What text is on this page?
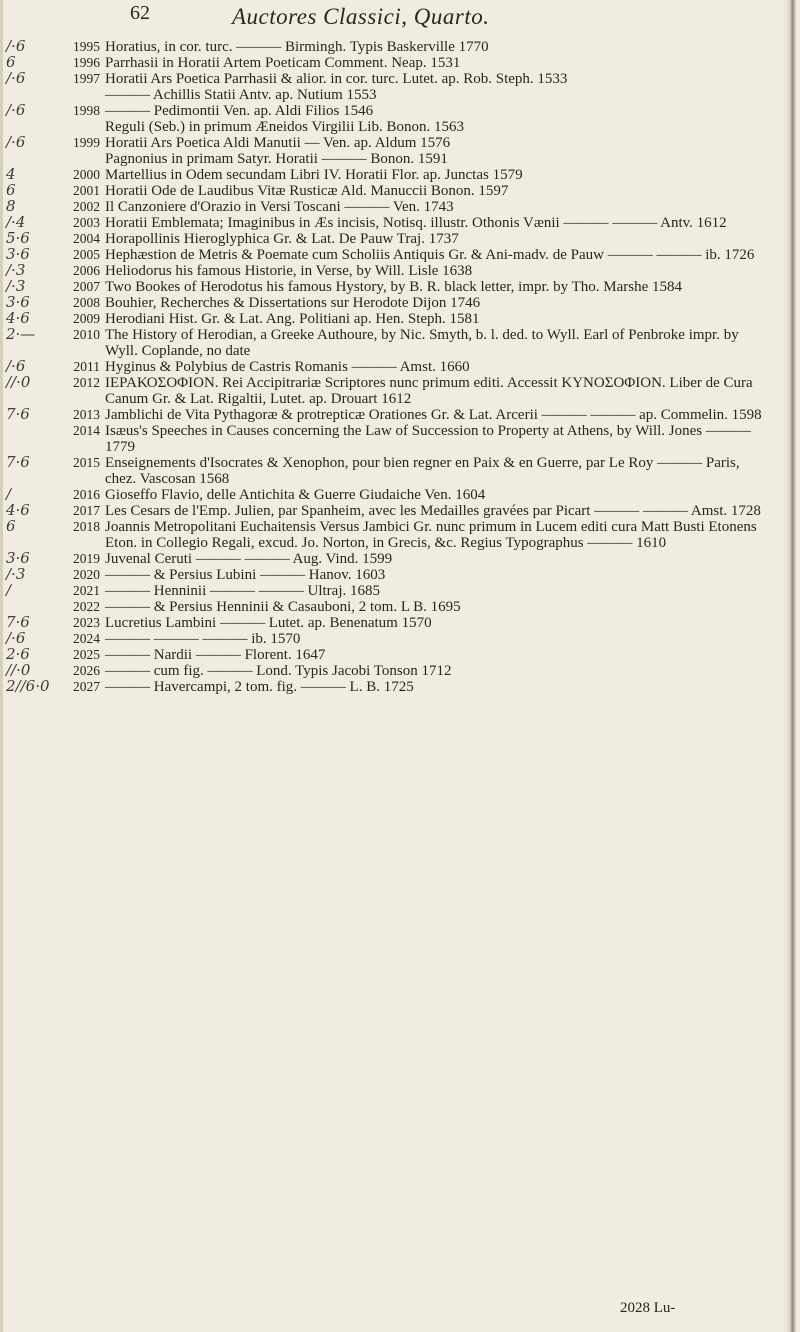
62	Auctores Classici, Quarto.
/·6	1995 Horatius, in cor. turc. ——— Birmingh. Typis Baskerville 1770
6	1996 Parrhasii in Horatii Artem Poeticam Comment. Neap. 1531
/·6	1997 Horatii Ars Poetica Parrhasii & alior. in cor. turc. Lutet. ap. Rob. Steph. 1533
——— Achillis Statii Antv. ap. Nutium 1553
/·6	1998 ——— Pedimontii Ven. ap. Aldi Filios 1546
Reguli (Seb.) in primum Æneidos Virgilii Lib. Bonon. 1563
/·6	1999 Horatii Ars Poetica Aldi Manutii — Ven. ap. Aldum 1576
Pagnonius in primam Satyr. Horatii ——— Bonon. 1591
4	2000 Martellius in Odem secundam Libri IV. Horatii Flor. ap. Junctas 1579
6	2001 Horatii Ode de Laudibus Vitæ Rusticæ Ald. Manuccii Bonon. 1597
8	2002 Il Canzoniere d'Orazio in Versi Toscani ——— Ven. 1743
/·4	2003 Horatii Emblemata; Imaginibus in Æs incisis, Notisq. illustr. Othonis Vænii ——— ——— Antv. 1612
5·6	2004 Horapollinis Hieroglyphica Gr. & Lat. De Pauw Traj. 1737
3·6	2005 Hephæstion de Metris & Poemate cum Scholiis Antiquis Gr. & Ani-madv. de Pauw ——— ——— ib. 1726
/·3	2006 Heliodorus his famous Historie, in Verse, by Will. Lisle 1638
/·3	2007 Two Bookes of Herodotus his famous Hystory, by B. R. black letter, impr. by Tho. Marshe 1584
3·6	2008 Bouhier, Recherches & Dissertations sur Herodote Dijon 1746
4·6	2009 Herodiani Hist. Gr. & Lat. Ang. Politiani ap. Hen. Steph. 1581
2·—	2010 The History of Herodian, a Greeke Authoure, by Nic. Smyth, b. l. ded. to Wyll. Earl of Penbroke impr. by Wyll. Coplande, no date
/·6	2011 Hyginus & Polybius de Castris Romanis ——— Amst. 1660
//·0	2012 ΙΕΡΑΚΟΣΟΦΙΟΝ. Rei Accipitrariæ Scriptores nunc primum editi. Accessit ΚΥΝΟΣΟΦΙΟΝ. Liber de Cura Canum Gr. & Lat. Rigaltii, Lutet. ap. Drouart 1612
7·6	2013 Jamblichi de Vita Pythagoræ & protrepticæ Orationes Gr. & Lat. Arcerii ——— ——— ap. Commelin. 1598
2014 Isæus's Speeches in Causes concerning the Law of Succession to Property at Athens, by Will. Jones ——— 1779
7·6	2015 Enseignements d'Isocrates & Xenophon, pour bien regner en Paix & en Guerre, par Le Roy ——— Paris, chez. Vascosan 1568
/	2016 Gioseffo Flavio, delle Antichita & Guerre Giudaiche Ven. 1604
4·6	2017 Les Cesars de l'Emp. Julien, par Spanheim, avec les Medailles gravées par Picart ——— ——— Amst. 1728
6	2018 Joannis Metropolitani Euchaitensis Versus Jambici Gr. nunc primum in Lucem editi cura Matt Busti Etonens Eton. in Collegio Regali, excud. Jo. Norton, in Grecis, &c. Regius Typographus ——— 1610
3·6	2019 Juvenal Ceruti ——— ——— Aug. Vind. 1599
/·3	2020 ——— & Persius Lubini ——— Hanov. 1603
/	2021 ——— Henninii ——— ——— Ultraj. 1685
2022 ——— & Persius Henninii & Casauboni, 2 tom. L B. 1695
7·6	2023 Lucretius Lambini ——— Lutet. ap. Benenatum 1570
/·6	2024 ——— ——— ——— ib. 1570
2·6	2025 ——— Nardii ——— Florent. 1647
//·0	2026 ——— cum fig. ——— Lond. Typis Jacobi Tonson 1712
2//6·0	2027 ——— Havercampi, 2 tom. fig. ——— L. B. 1725
2028 Lu-
